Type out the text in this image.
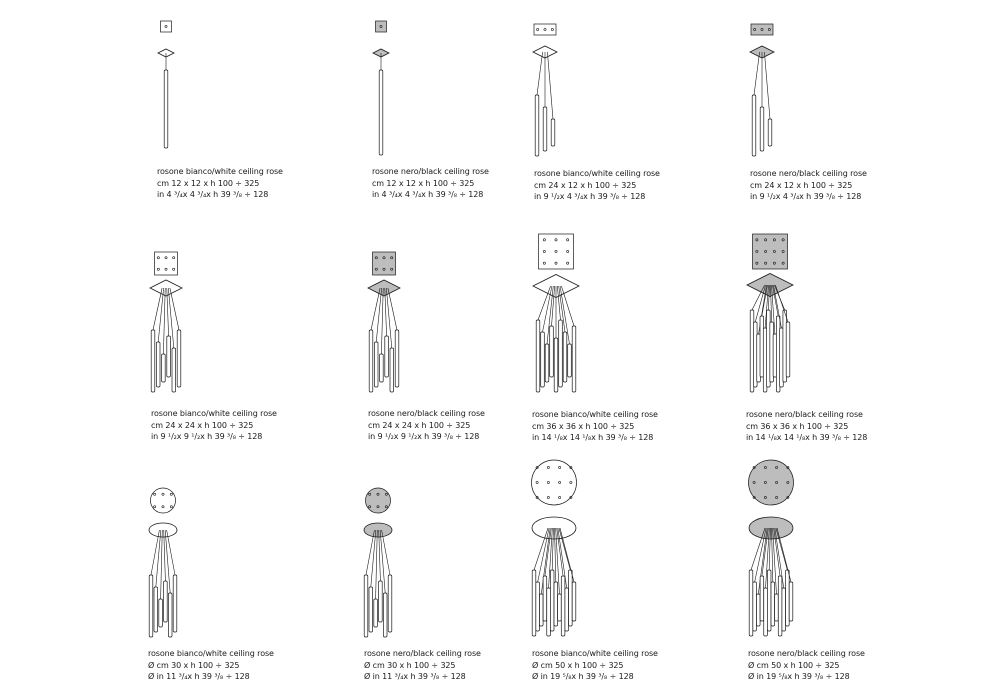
rosone bianco/white ceiling rose
cm 12 x 12 x h 100 ÷ 325
in 4 ³/₄x 4 ³/₄x h 39 ³/₈ ÷ 128
rosone nero/black ceiling rose
cm 12 x 12 x h 100 ÷ 325
in 4 ³/₄x 4 ³/₄x h 39 ³/₈ ÷ 128
rosone bianco/white ceiling rose
cm 24 x 12 x h 100 ÷ 325
in 9 ¹/₂x 4 ³/₄x h 39 ³/₈ ÷ 128
rosone nero/black ceiling rose
cm 24 x 12 x h 100 ÷ 325
in 9 ¹/₂x 4 ³/₄x h 39 ³/₈ ÷ 128
rosone bianco/white ceiling rose
cm 24 x 24 x h 100 ÷ 325
in 9 ¹/₂x 9 ¹/₂x h 39 ³/₈ ÷ 128
rosone nero/black ceiling rose
cm 24 x 24 x h 100 ÷ 325
in 9 ¹/₂x 9 ¹/₂x h 39 ³/₈ ÷ 128
rosone bianco/white ceiling rose
cm 36 x 36 x h 100 ÷ 325
in 14 ¹/₈x 14 ¹/₈x h 39 ³/₈ ÷ 128
rosone nero/black ceiling rose
cm 36 x 36 x h 100 ÷ 325
in 14 ¹/₈x 14 ¹/₈x h 39 ³/₈ ÷ 128
rosone bianco/white ceiling rose
Ø cm 30 x h 100 ÷ 325
Ø in 11 ³/₄x h 39 ³/₈ ÷ 128
rosone nero/black ceiling rose
Ø cm 30 x h 100 ÷ 325
Ø in 11 ³/₄x h 39 ³/₈ ÷ 128
rosone bianco/white ceiling rose
Ø cm 50 x h 100 ÷ 325
Ø in 19 ⁵/₈x h 39 ³/₈ ÷ 128
rosone nero/black ceiling rose
Ø cm 50 x h 100 ÷ 325
Ø in 19 ⁵/₈x h 39 ³/₈ ÷ 128
